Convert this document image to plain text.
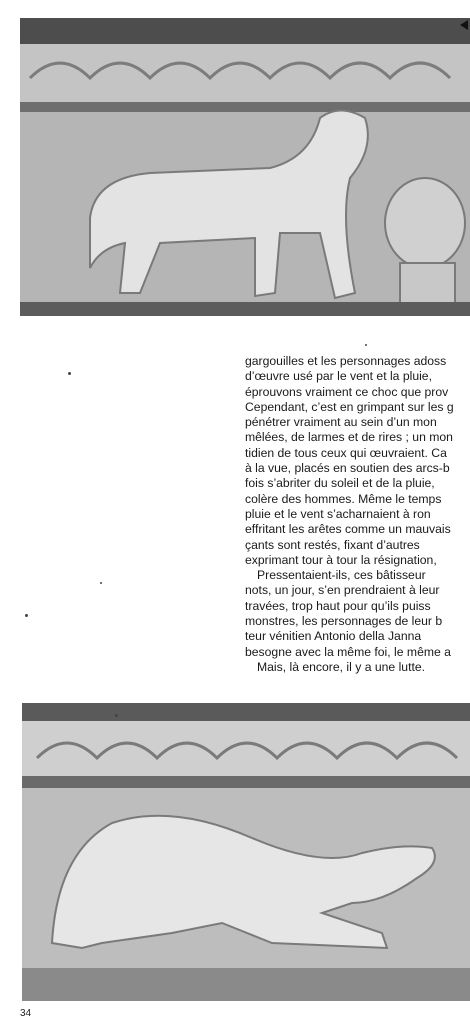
gargouilles et les personnages adoss

d’œuvre usé par le vent et la pluie,

éprouvons vraiment ce choc que prov

Cependant, c’est en grimpant sur les g

pénétrer vraiment au sein d’un mon

mêlées, de larmes et de rires ; un mon

tidien de tous ceux qui œuvraient. Ca

à la vue, placés en soutien des arcs-b

fois s’abriter du soleil et de la pluie,

colère des hommes. Même le temps

pluie et le vent s’acharnaient à ron

effritant les arêtes comme un mauvais

çants sont restés, fixant d’autres

exprimant tour à tour la résignation,

Pressentaient-ils, ces bâtisseur

nots, un jour, s’en prendraient à leur

travées, trop haut pour qu’ils puiss

monstres, les personnages de leur b

teur vénitien Antonio della Janna

besogne avec la même foi, le même a

Mais, là encore, il y a une lutte.

34
